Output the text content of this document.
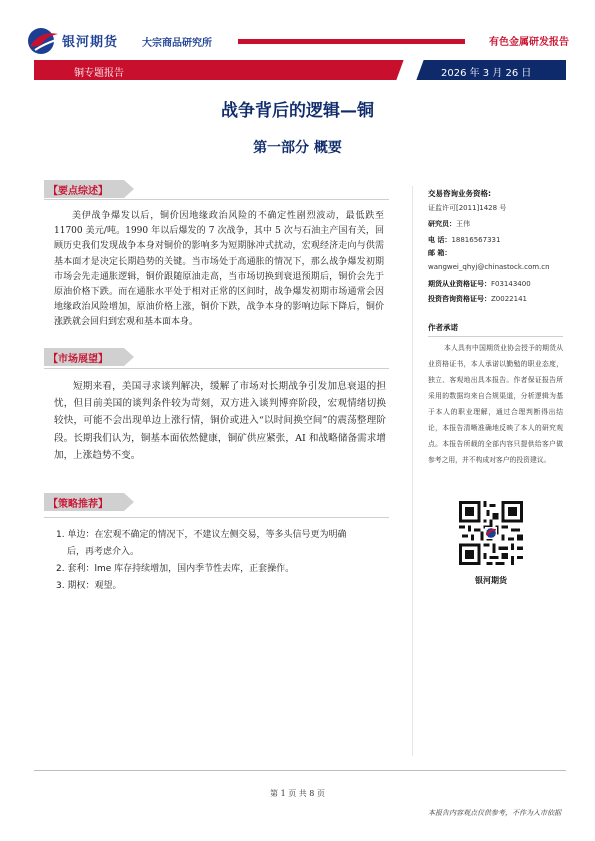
银河期货 大宗商品研究所	有色金属研发报告
铜专题报告	2026 年 3 月 26 日
战争背后的逻辑—铜
第一部分 概要
【要点综述】

美伊战争爆发以后，铜价因地缘政治风险的不确定性剧烈波动，最低跌至 11700 美元/吨。1990 年以后爆发的 7 次战争，其中 5 次与石油主产国有关，回顾历史我们发现战争本身对铜价的影响多为短期脉冲式扰动，宏观经济走向与供需基本面才是决定长期趋势的关键。当市场处于高通胀的情况下，那么战争爆发初期市场会先走通胀逻辑，铜价跟随原油走高，当市场切换到衰退预期后，铜价会先于原油价格下跌。而在通胀水平处于相对正常的区间时，战争爆发初期市场通常会因地缘政治风险增加，原油价格上涨，铜价下跌，战争本身的影响边际下降后，铜价涨跌就会回归到宏观和基本面本身。

【市场展望】

短期来看，美国寻求谈判解决，缓解了市场对长期战争引发加息衰退的担忧，但目前美国的谈判条件较为苛刻，双方进入谈判博弈阶段，宏观情绪切换较快，可能不会出现单边上涨行情，铜价或进入“以时间换空间”的震荡整理阶段。长期我们认为，铜基本面依然健康，铜矿供应紧张，AI 和战略储备需求增加，上涨趋势不变。

【策略推荐】
1. 单边：在宏观不确定的情况下，不建议左侧交易，等多头信号更为明确
后，再考虑介入。
2. 套利：lme 库存持续增加，国内季节性去库，正套操作。
3. 期权：观望。
交易咨询业务资格:
证监许可[2011]1428 号
研究员：王伟
电 话：18816567331
邮 箱：
wangwei_qhyj@chinastock.com.cn
期货从业资格证号：F03143400
投资咨询资格证号：Z0022141
作者承诺

本人具有中国期货业协会授予的期货从业资格证书，本人承诺以勤勉的职业态度，独立、客观地出具本报告。作者保证报告所采用的数据均来自合规渠道，分析逻辑为基于本人的职业理解，通过合理判断得出结论，本报告清晰准确地反映了本人的研究观点。本报告所载的全部内容只提供给客户做参考之用，并不构成对客户的投资建议。

银河期货
第 1 页 共 8 页
本报告内容观点仅供参考，不作为入市依据
